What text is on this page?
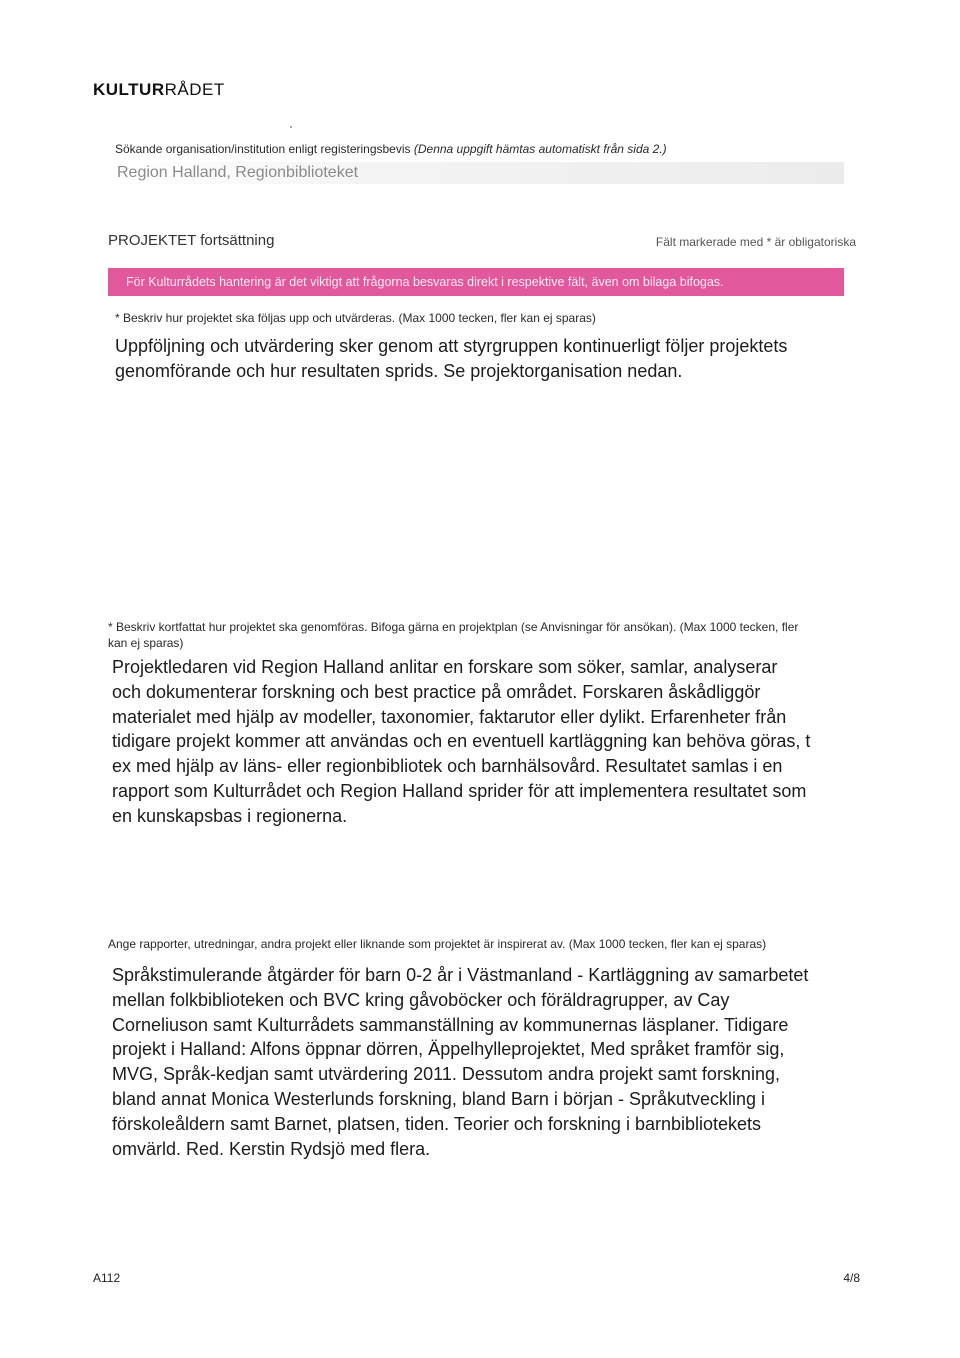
KULTURRÅDET
Sökande organisation/institution enligt registeringsbevis (Denna uppgift hämtas automatiskt från sida 2.)
Region Halland, Regionbiblioteket
PROJEKTET fortsättning	Fält markerade med * är obligatoriska
För Kulturrådets hantering är det viktigt att frågorna besvaras direkt i respektive fält, även om bilaga bifogas.
* Beskriv hur projektet ska följas upp och utvärderas. (Max 1000 tecken, fler kan ej sparas)
Uppföljning och utvärdering sker genom att styrgruppen kontinuerligt följer projektets
genomförande och hur resultaten sprids. Se projektorganisation nedan.
* Beskriv kortfattat hur projektet ska genomföras. Bifoga gärna en projektplan (se Anvisningar för ansökan). (Max 1000 tecken, fler
kan ej sparas)
Projektledaren vid Region Halland anlitar en forskare som söker, samlar, analyserar
och dokumenterar forskning och best practice på området. Forskaren åskådliggör
materialet med hjälp av modeller, taxonomier, faktarutor eller dylikt. Erfarenheter från
tidigare projekt kommer att användas och en eventuell kartläggning kan behöva göras, t
ex med hjälp av läns- eller regionbibliotek och barnhälsovård. Resultatet samlas i en
rapport som Kulturrådet och Region Halland sprider för att implementera resultatet som
en kunskapsbas i regionerna.
Ange rapporter, utredningar, andra projekt eller liknande som projektet är inspirerat av. (Max 1000 tecken, fler kan ej sparas)
Språkstimulerande åtgärder för barn 0-2 år i Västmanland - Kartläggning av samarbetet
mellan folkbiblioteken och BVC kring gåvoböcker och föräldragrupper, av Cay
Corneliuson samt Kulturrådets sammanställning av kommunernas läsplaner. Tidigare
projekt i Halland: Alfons öppnar dörren, Äppelhylleprojektet, Med språket framför sig,
MVG, Språk-kedjan samt utvärdering 2011. Dessutom andra projekt samt forskning,
bland annat Monica Westerlunds forskning, bland Barn i början - Språkutveckling i
förskoleåldern samt Barnet, platsen, tiden. Teorier och forskning i barnbibliotekets
omvärld. Red. Kerstin Rydsjö med flera.
A112	4/8
